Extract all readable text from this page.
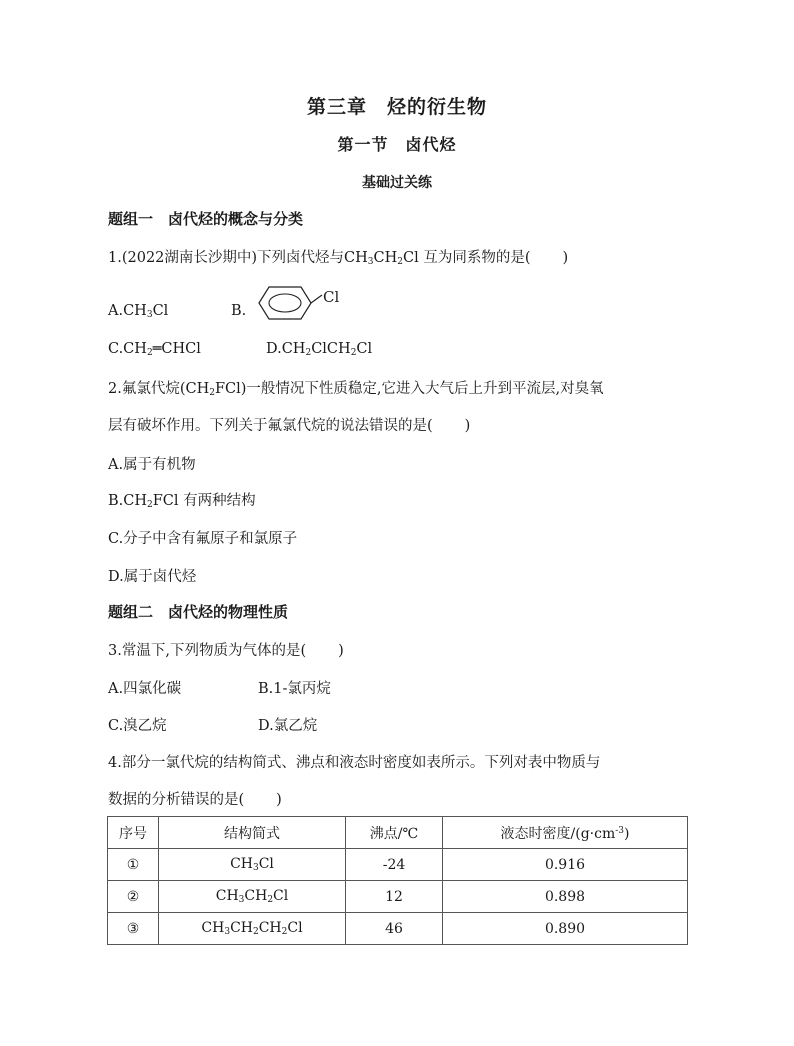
第三章　烃的衍生物
第一节　卤代烃
基础过关练
题组一　卤代烃的概念与分类
1.(2022湖南长沙期中)下列卤代烃与$CH_3CH_2Cl$ 互为同系物的是( )
$A.CH_3Cl$	B.
Cl
$C.CH_2═CHCl$	$D.CH_2ClCH_2Cl$
2.氟氯代烷$(CH_2FCl)$一般情况下性质稳定,它进入大气后上升到平流层,对臭氧
层有破坏作用。下列关于氟氯代烷的说法错误的是( )
A.属于有机物
$B.CH_2FCl$ 有两种结构
C.分子中含有氟原子和氯原子
D.属于卤代烃
题组二　卤代烃的物理性质
3.常温下,下列物质为气体的是( )
A.四氯化碳	B.1-氯丙烷
C.溴乙烷	D.氯乙烷
4.部分一氯代烷的结构简式、沸点和液态时密度如表所示。下列对表中物质与
数据的分析错误的是( )
序号	结构简式	沸点/℃	液态时密度$/(g\cdot cm^{-3})$
①	$CH_3Cl$	-24	0.916
②	$CH_3CH_2Cl$	12	0.898
③	$CH_3CH_2CH_2Cl$	46	0.890
